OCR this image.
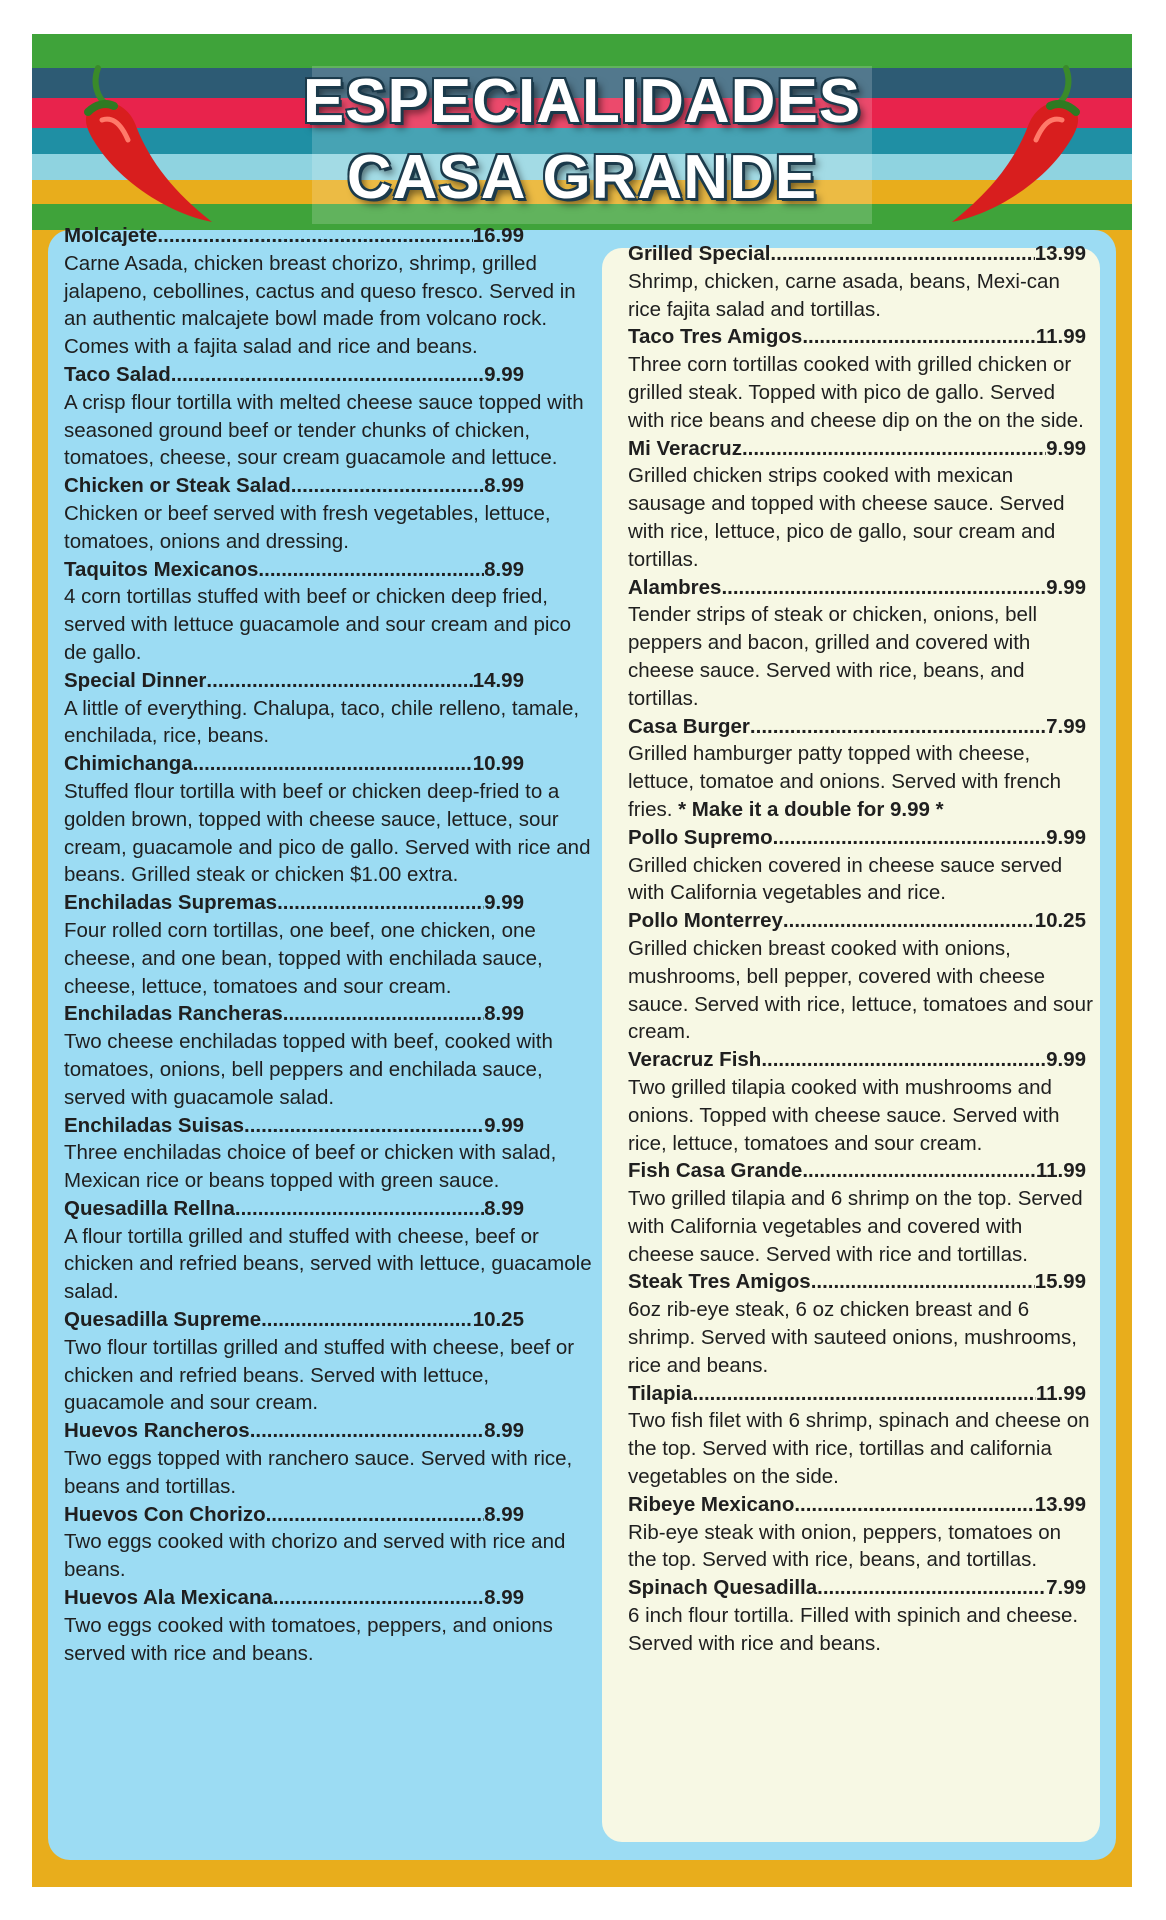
ESPECIALIDADES
CASA GRANDE
Molcajete .....	16.99

Carne Asada, chicken breast chorizo, shrimp, grilled jalapeno, cebollines, cactus and queso fresco. Served in an authentic malcajete bowl made from volcano rock. Comes with a fajita salad and rice and beans.

Taco Salad .....	9.99

A crisp flour tortilla with melted cheese sauce topped with seasoned ground beef or tender chunks of chicken, tomatoes, cheese, sour cream guacamole and lettuce.

Chicken or Steak Salad .....	8.99

Chicken or beef served with fresh vegetables, lettuce, tomatoes, onions and dressing.

Taquitos Mexicanos .....	8.99

4 corn tortillas stuffed with beef or chicken deep fried, served with lettuce guacamole and sour cream and pico de gallo.

Special Dinner .....	14.99

A little of everything. Chalupa, taco, chile relleno, tamale, enchilada, rice, beans.

Chimichanga .....	10.99

Stuffed flour tortilla with beef or chicken deep-fried to a golden brown, topped with cheese sauce, lettuce, sour cream, guacamole and pico de gallo. Served with rice and beans. Grilled steak or chicken $1.00 extra.

Enchiladas Supremas .....	9.99

Four rolled corn tortillas, one beef, one chicken, one cheese, and one bean, topped with enchilada sauce, cheese, lettuce, tomatoes and sour cream.

Enchiladas Rancheras .....	8.99

Two cheese enchiladas topped with beef, cooked with tomatoes, onions, bell peppers and enchilada sauce, served with guacamole salad.

Enchiladas Suisas .....	9.99

Three enchiladas choice of beef or chicken with salad, Mexican rice or beans topped with green sauce.

Quesadilla Rellna .....	8.99

A flour tortilla grilled and stuffed with cheese, beef or chicken and refried beans, served with lettuce, guacamole salad.

Quesadilla Supreme .....	10.25

Two flour tortillas grilled and stuffed with cheese, beef or chicken and refried beans. Served with lettuce, guacamole and sour cream.

Huevos Rancheros .....	8.99

Two eggs topped with ranchero sauce. Served with rice, beans and tortillas.

Huevos Con Chorizo .....	8.99

Two eggs cooked with chorizo and served with rice and beans.

Huevos Ala Mexicana .....	8.99

Two eggs cooked with tomatoes, peppers, and onions served with rice and beans.

Grilled Special .....	13.99

Shrimp, chicken, carne asada, beans, Mexi-can rice fajita salad and tortillas.

Taco Tres Amigos .....	11.99

Three corn tortillas cooked with grilled chicken or grilled steak. Topped with pico de gallo. Served with rice beans and cheese dip on the on the side.

Mi Veracruz .....	9.99

Grilled chicken strips cooked with mexican sausage and topped with cheese sauce. Served with rice, lettuce, pico de gallo, sour cream and tortillas.

Alambres .....	9.99

Tender strips of steak or chicken, onions, bell peppers and bacon, grilled and covered with cheese sauce. Served with rice, beans, and tortillas.

Casa Burger .....	7.99

Grilled hamburger patty topped with cheese, lettuce, tomatoe and onions. Served with french fries. * Make it a double for 9.99 *

Pollo Supremo .....	9.99

Grilled chicken covered in cheese sauce served with California vegetables and rice.

Pollo Monterrey .....	10.25

Grilled chicken breast cooked with onions, mushrooms, bell pepper, covered with cheese sauce. Served with rice, lettuce, tomatoes and sour cream.

Veracruz Fish .....	9.99

Two grilled tilapia cooked with mushrooms and onions. Topped with cheese sauce. Served with rice, lettuce, tomatoes and sour cream.

Fish Casa Grande .....	11.99

Two grilled tilapia and 6 shrimp on the top. Served with California vegetables and covered with cheese sauce. Served with rice and tortillas.

Steak Tres Amigos .....	15.99

6oz rib-eye steak, 6 oz chicken breast and 6 shrimp. Served with sauteed onions, mushrooms, rice and beans.

Tilapia .....	11.99

Two fish filet with 6 shrimp, spinach and cheese on the top. Served with rice, tortillas and california vegetables on the side.

Ribeye Mexicano .....	13.99

Rib-eye steak with onion, peppers, tomatoes on the top. Served with rice, beans, and tortillas.

Spinach Quesadilla .....	7.99

6 inch flour tortilla. Filled with spinich and cheese. Served with rice and beans.
